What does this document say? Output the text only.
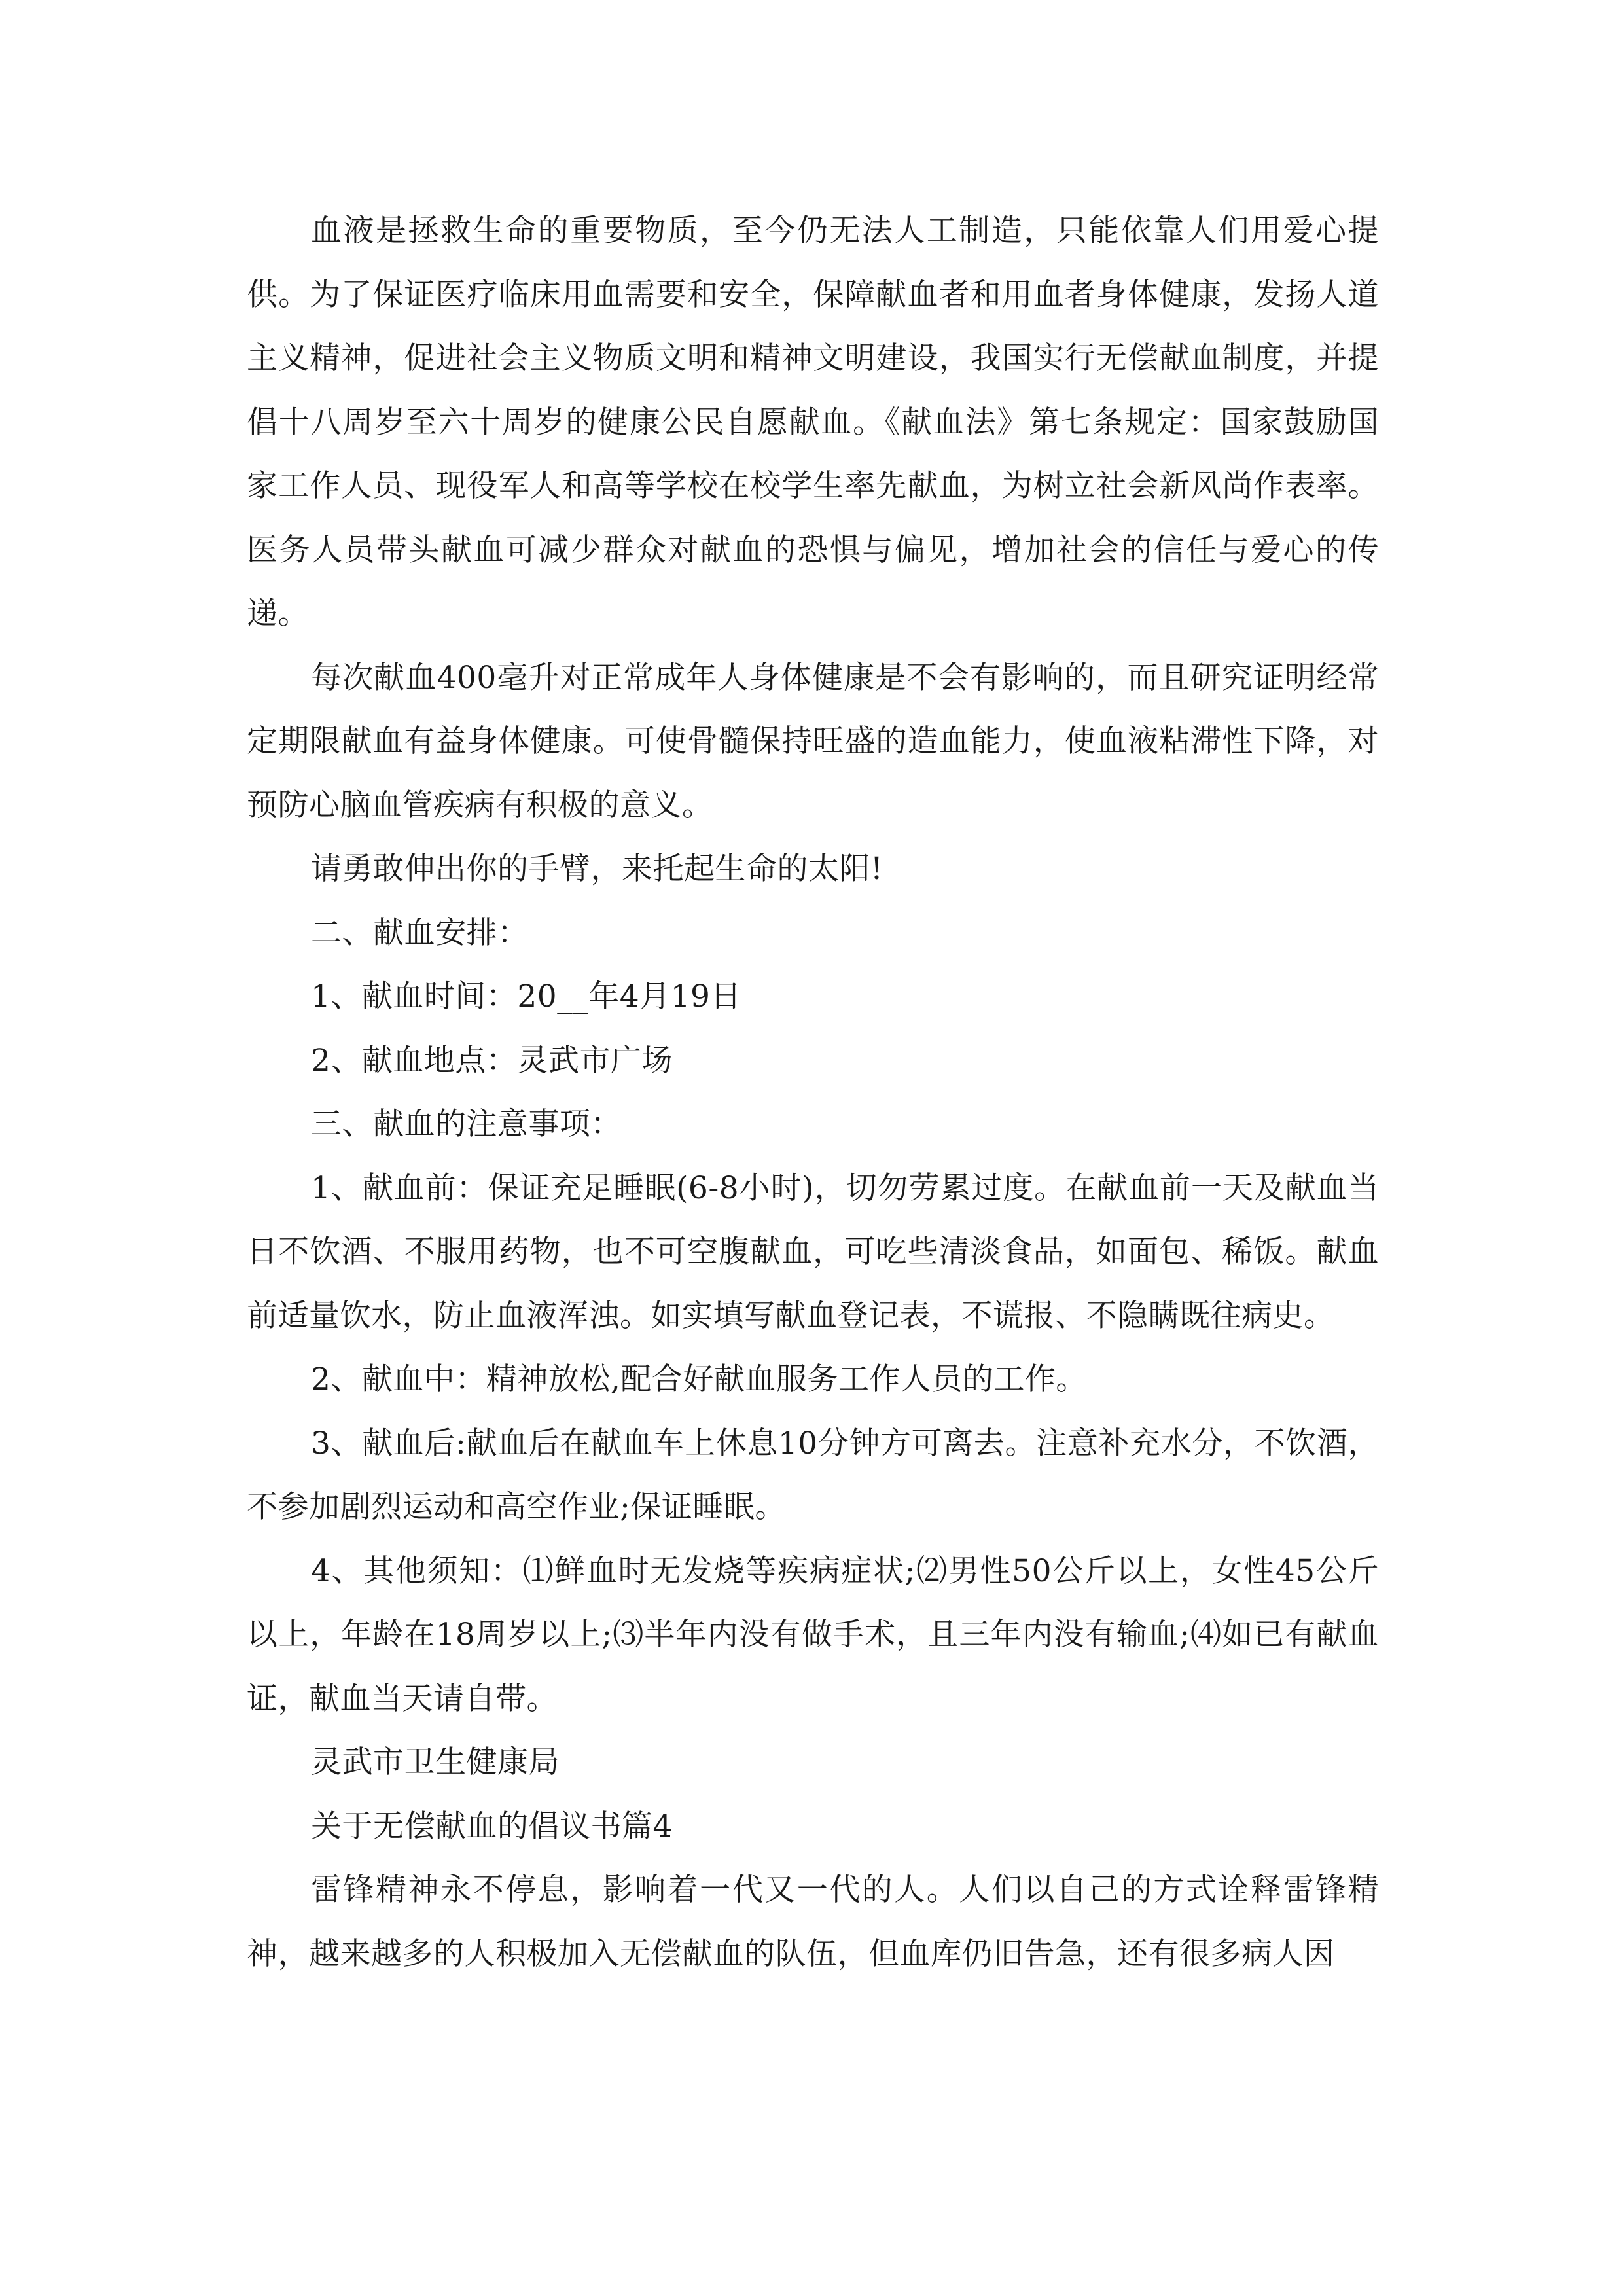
血液是拯救生命的重要物质，至今仍无法人工制造，只能依靠人们用爱心提供。为了保证医疗临床用血需要和安全，保障献血者和用血者身体健康，发扬人道主义精神，促进社会主义物质文明和精神文明建设，我国实行无偿献血制度，并提倡十八周岁至六十周岁的健康公民自愿献血。《献血法》第七条规定：国家鼓励国家工作人员、现役军人和高等学校在校学生率先献血，为树立社会新风尚作表率。医务人员带头献血可减少群众对献血的恐惧与偏见，增加社会的信任与爱心的传递。

每次献血400毫升对正常成年人身体健康是不会有影响的，而且研究证明经常定期限献血有益身体健康。可使骨髓保持旺盛的造血能力，使血液粘滞性下降，对预防心脑血管疾病有积极的意义。

请勇敢伸出你的手臂，来托起生命的太阳!

二、献血安排：

1、献血时间：20__年4月19日

2、献血地点：灵武市广场

三、献血的注意事项：

1、献血前：保证充足睡眠(6-8小时)，切勿劳累过度。在献血前一天及献血当日不饮酒、不服用药物，也不可空腹献血，可吃些清淡食品，如面包、稀饭。献血前适量饮水，防止血液浑浊。如实填写献血登记表，不谎报、不隐瞒既往病史。

2、献血中：精神放松,配合好献血服务工作人员的工作。

3、献血后:献血后在献血车上休息10分钟方可离去。注意补充水分，不饮酒，不参加剧烈运动和高空作业;保证睡眠。

4、其他须知：⑴鲜血时无发烧等疾病症状;⑵男性50公斤以上，女性45公斤以上，年龄在18周岁以上;⑶半年内没有做手术，且三年内没有输血;⑷如已有献血证，献血当天请自带。

灵武市卫生健康局

关于无偿献血的倡议书篇4

雷锋精神永不停息，影响着一代又一代的人。人们以自己的方式诠释雷锋精神，越来越多的人积极加入无偿献血的队伍，但血库仍旧告急，还有很多病人因
